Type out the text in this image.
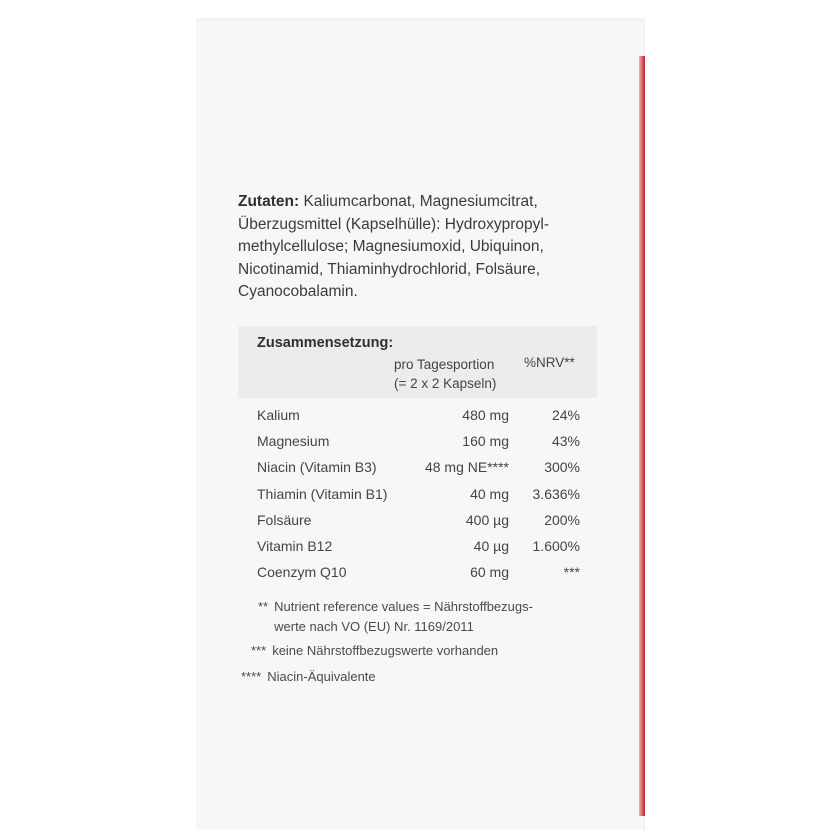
Zutaten: Kaliumcarbonat, Magnesiumcitrat,
Überzugsmittel (Kapselhülle): Hydroxypropyl-
methylcellulose; Magnesiumoxid, Ubiquinon,
Nicotinamid, Thiaminhydrochlorid, Folsäure,
Cyanocobalamin.
Zusammensetzung:
pro Tagesportion
(= 2 x 2 Kapseln)
%NRV**
Kalium	480 mg	24%
Magnesium	160 mg	43%
Niacin (Vitamin B3)	48 mg NE****	300%
Thiamin (Vitamin B1)	40 mg 3.636%
Folsäure	400 µg	200%
Vitamin B12	40 µg 1.600%
Coenzym Q10	60 mg	***
** Nutrient reference values = Nährstoffbezugs-
werte nach VO (EU) Nr. 1169/2011
*** keine Nährstoffbezugswerte vorhanden
**** Niacin-Äquivalente
